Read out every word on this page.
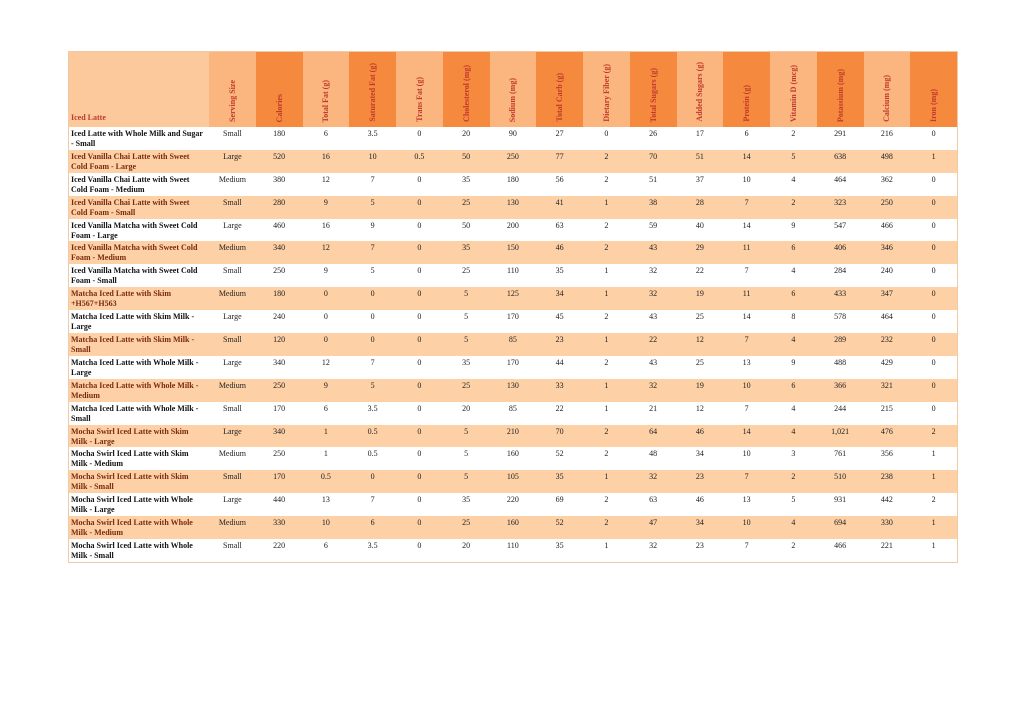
Iced Latte	Serving Size	Calories	Total Fat (g)	Saturated Fat (g)	Trans Fat (g)	Cholesterol (mg)	Sodium (mg)	Total Carb (g)	Dietary Fiber (g)	Total Sugars (g)	Added Sugars (g)	Protein (g)	Vitamin D (mcg)	Potassium (mg)	Calcium (mg)	Iron (mg)
Iced Latte with Whole Milk and Sugar - Small	Small	180	6	3.5	0	20	90	27	0	26	17	6	2	291	216	0
Iced Vanilla Chai Latte with Sweet Cold Foam - Large	Large	520	16	10	0.5	50	250	77	2	70	51	14	5	638	498	1
Iced Vanilla Chai Latte with Sweet Cold Foam - Medium	Medium	380	12	7	0	35	180	56	2	51	37	10	4	464	362	0
Iced Vanilla Chai Latte with Sweet Cold Foam - Small	Small	280	9	5	0	25	130	41	1	38	28	7	2	323	250	0
Iced Vanilla Matcha with Sweet Cold Foam - Large	Large	460	16	9	0	50	200	63	2	59	40	14	9	547	466	0
Iced Vanilla Matcha with Sweet Cold Foam - Medium	Medium	340	12	7	0	35	150	46	2	43	29	11	6	406	346	0
Iced Vanilla Matcha with Sweet Cold Foam - Small	Small	250	9	5	0	25	110	35	1	32	22	7	4	284	240	0
Matcha Iced Latte with Skim +H567+H563	Medium	180	0	0	0	5	125	34	1	32	19	11	6	433	347	0
Matcha Iced Latte with Skim Milk - Large	Large	240	0	0	0	5	170	45	2	43	25	14	8	578	464	0
Matcha Iced Latte with Skim Milk - Small	Small	120	0	0	0	5	85	23	1	22	12	7	4	289	232	0
Matcha Iced Latte with Whole Milk - Large	Large	340	12	7	0	35	170	44	2	43	25	13	9	488	429	0
Matcha Iced Latte with Whole Milk - Medium	Medium	250	9	5	0	25	130	33	1	32	19	10	6	366	321	0
Matcha Iced Latte with Whole Milk - Small	Small	170	6	3.5	0	20	85	22	1	21	12	7	4	244	215	0
Mocha Swirl Iced Latte with Skim Milk - Large	Large	340	1	0.5	0	5	210	70	2	64	46	14	4	1,021	476	2
Mocha Swirl Iced Latte with Skim Milk - Medium	Medium	250	1	0.5	0	5	160	52	2	48	34	10	3	761	356	1
Mocha Swirl Iced Latte with Skim Milk - Small	Small	170	0.5	0	0	5	105	35	1	32	23	7	2	510	238	1
Mocha Swirl Iced Latte with Whole Milk - Large	Large	440	13	7	0	35	220	69	2	63	46	13	5	931	442	2
Mocha Swirl Iced Latte with Whole Milk - Medium	Medium	330	10	6	0	25	160	52	2	47	34	10	4	694	330	1
Mocha Swirl Iced Latte with Whole Milk - Small	Small	220	6	3.5	0	20	110	35	1	32	23	7	2	466	221	1
